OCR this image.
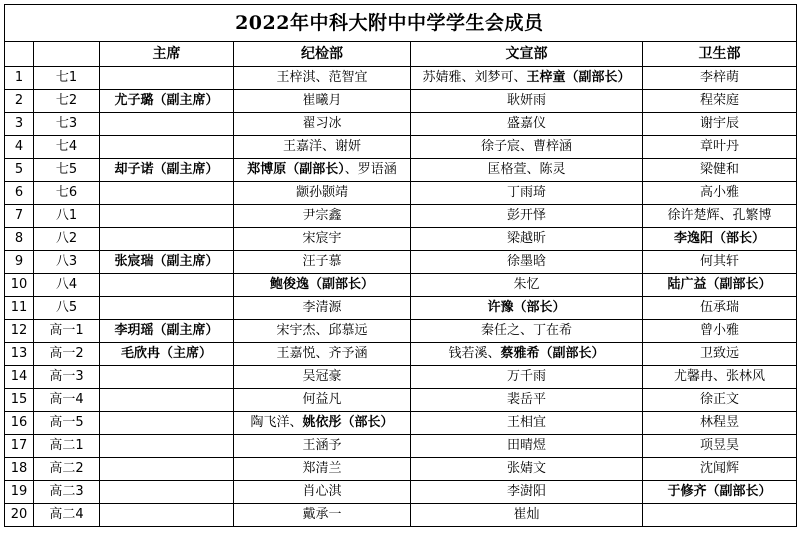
		2022年中科大附中中学学生会成员			
		主席	纪检部	文宣部	卫生部
1	七1		王梓淇、范智宜	苏婧雅、刘梦可、王梓童（副部长）	李梓萌
2	七2	尤子璐（副主席）	崔曦月	耿妍雨	程荣庭
3	七3		翟习冰	盛嘉仪	谢宇辰
4	七4		王嘉洋、谢妍	徐子宸、曹梓涵	章叶丹
5	七5	却子诺（副主席）	郑博原（副部长）、罗语涵	匡格萱、陈灵	梁健和
6	七6		颛孙颢靖	丁雨琦	高小雅
7	八1		尹宗鑫	彭开怿	徐许楚辉、孔繁博
8	八2		宋宸宇	梁越昕	李逸阳（部长）
9	八3	张宸瑞（副主席）	汪子慕	徐墨晗	何其轩
10	八4		鲍俊逸（副部长）	朱忆	陆广益（副部长）
11	八5		李清源	许豫（部长）	伍承瑞
12	高一1	李玥瑶（副主席）	宋宇杰、邱慕远	秦任之、丁在希	曾小雅
13	高一2	毛欣冉（主席）	王嘉悦、齐予涵	钱若溪、蔡雅希（副部长）	卫致远
14	高一3		吴冠豪	万千雨	尤馨冉、张林风
15	高一4		何益凡	裴岳平	徐正文
16	高一5		陶飞洋、姚依彤（部长）	王相宜	林程昱
17	高二1		王涵予	田晴煜	项昱昊
18	高二2		郑清兰	张婧文	沈闻辉
19	高二3		肖心淇	李澍阳	于修齐（副部长）
20	高二4		戴承一	崔灿	
